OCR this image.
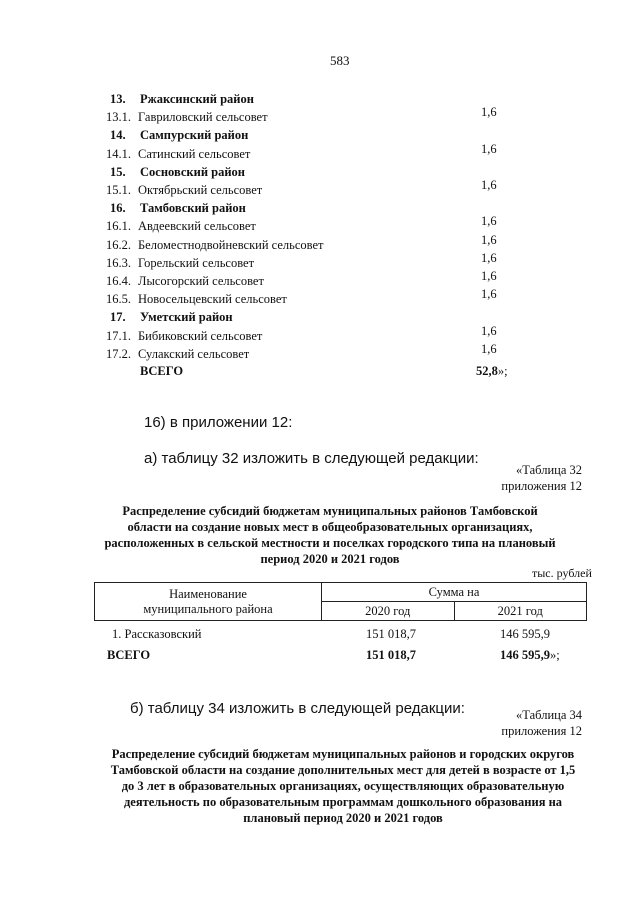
583
13. Ржаксинский район
13.1. Гавриловский сельсовет	1,6
14. Сампурский район
14.1. Сатинский сельсовет	1,6
15. Сосновский район
15.1. Октябрьский сельсовет	1,6
16. Тамбовский район
16.1. Авдеевский сельсовет	1,6
16.2. Беломестнодвойневский сельсовет	1,6
16.3. Горельский сельсовет	1,6
16.4. Лысогорский сельсовет	1,6
16.5. Новосельцевский сельсовет	1,6
17. Уметский район
17.1. Бибиковский сельсовет	1,6
17.2. Сулакский сельсовет	1,6
ВСЕГО	52,8»;
16) в приложении 12:
а) таблицу 32 изложить в следующей редакции:
«Таблица 32
приложения 12
Распределение субсидий бюджетам муниципальных районов Тамбовской области на создание новых мест в общеобразовательных организациях, расположенных в сельской местности и поселках городского типа на плановый период 2020 и 2021 годов
тыс. рублей
Наименование
муниципального района	Сумма на	
	2020 год	2021 год
1. Рассказовский	151 018,7	146 595,9
ВСЕГО	151 018,7	146 595,9»;
б) таблицу 34 изложить в следующей редакции:	«Таблица 34
приложения 12
Распределение субсидий бюджетам муниципальных районов и городских округов Тамбовской области на создание дополнительных мест для детей в возрасте от 1,5 до 3 лет в образовательных организациях, осуществляющих образовательную деятельность по образовательным программам дошкольного образования на плановый период 2020 и 2021 годов
